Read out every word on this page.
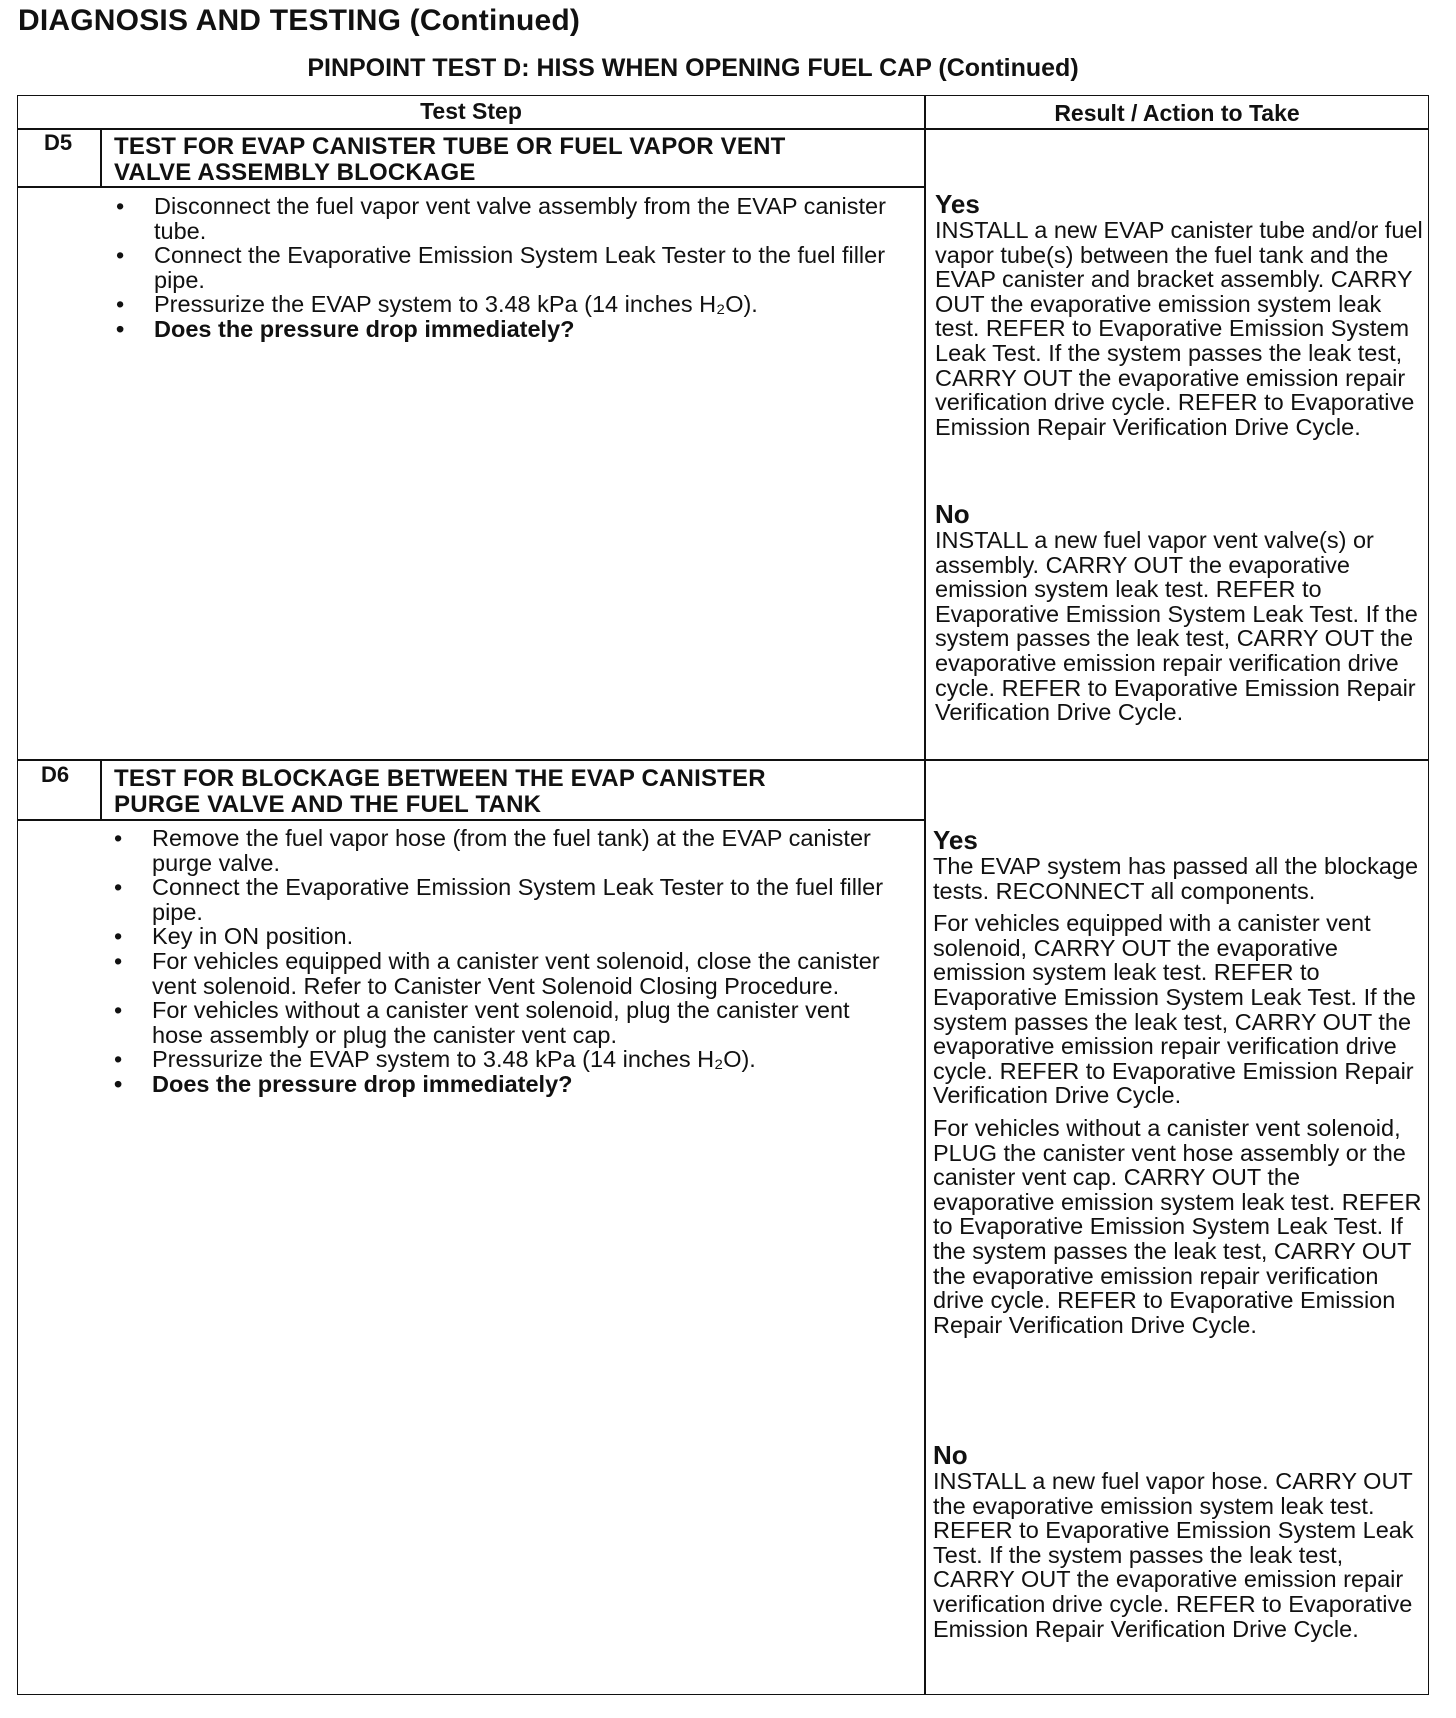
DIAGNOSIS AND TESTING (Continued)
PINPOINT TEST D: HISS WHEN OPENING FUEL CAP (Continued)
Test Step	Result / Action to Take
D5 TEST FOR EVAP CANISTER TUBE OR FUEL VAPOR VENT VALVE ASSEMBLY BLOCKAGE
• Disconnect the fuel vapor vent valve assembly from the EVAP canister tube.
• Connect the Evaporative Emission System Leak Tester to the fuel filler pipe.
• Pressurize the EVAP system to 3.48 kPa (14 inches H₂O).
• Does the pressure drop immediately?
Yes

INSTALL a new EVAP canister tube and/or fuel vapor tube(s) between the fuel tank and the EVAP canister and bracket assembly. CARRY OUT the evaporative emission system leak test. REFER to Evaporative Emission System Leak Test. If the system passes the leak test, CARRY OUT the evaporative emission repair verification drive cycle. REFER to Evaporative Emission Repair Verification Drive Cycle.

No

INSTALL a new fuel vapor vent valve(s) or assembly. CARRY OUT the evaporative emission system leak test. REFER to Evaporative Emission System Leak Test. If the system passes the leak test, CARRY OUT the evaporative emission repair verification drive cycle. REFER to Evaporative Emission Repair Verification Drive Cycle.

D6 TEST FOR BLOCKAGE BETWEEN THE EVAP CANISTER PURGE VALVE AND THE FUEL TANK
• Remove the fuel vapor hose (from the fuel tank) at the EVAP canister purge valve.
• Connect the Evaporative Emission System Leak Tester to the fuel filler pipe.
• Key in ON position.
• For vehicles equipped with a canister vent solenoid, close the canister vent solenoid. Refer to Canister Vent Solenoid Closing Procedure.
• For vehicles without a canister vent solenoid, plug the canister vent hose assembly or plug the canister vent cap.
• Pressurize the EVAP system to 3.48 kPa (14 inches H₂O).
• Does the pressure drop immediately?
Yes

The EVAP system has passed all the blockage tests. RECONNECT all components.

For vehicles equipped with a canister vent solenoid, CARRY OUT the evaporative emission system leak test. REFER to Evaporative Emission System Leak Test. If the system passes the leak test, CARRY OUT the evaporative emission repair verification drive cycle. REFER to Evaporative Emission Repair Verification Drive Cycle.

For vehicles without a canister vent solenoid, PLUG the canister vent hose assembly or the canister vent cap. CARRY OUT the evaporative emission system leak test. REFER to Evaporative Emission System Leak Test. If the system passes the leak test, CARRY OUT the evaporative emission repair verification drive cycle. REFER to Evaporative Emission Repair Verification Drive Cycle.

No

INSTALL a new fuel vapor hose. CARRY OUT the evaporative emission system leak test. REFER to Evaporative Emission System Leak Test. If the system passes the leak test, CARRY OUT the evaporative emission repair verification drive cycle. REFER to Evaporative Emission Repair Verification Drive Cycle.
